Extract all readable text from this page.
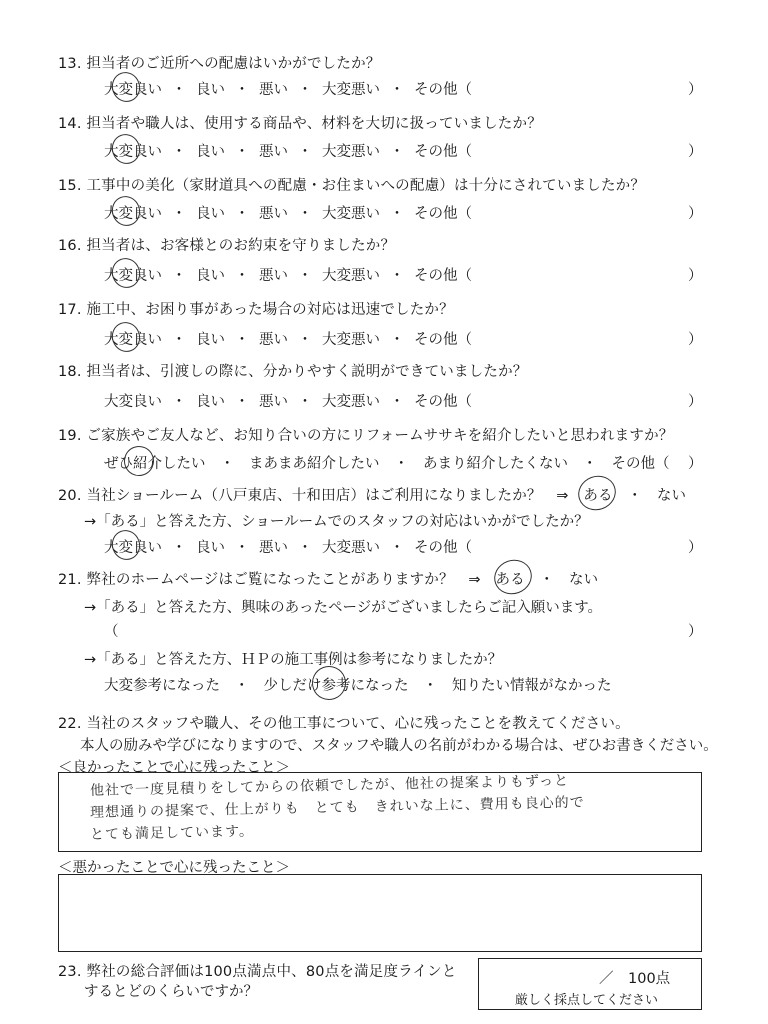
13. 担当者のご近所への配慮はいかがでしたか？
大変良い ・ 良い ・ 悪い ・ 大変悪い ・ その他（	）
14. 担当者や職人は、使用する商品や、材料を大切に扱っていましたか？
大変良い ・ 良い ・ 悪い ・ 大変悪い ・ その他（	）
15. 工事中の美化（家財道具への配慮・お住まいへの配慮）は十分にされていましたか？
大変良い ・ 良い ・ 悪い ・ 大変悪い ・ その他（	）
16. 担当者は、お客様とのお約束を守りましたか？
大変良い ・ 良い ・ 悪い ・ 大変悪い ・ その他（	）
17. 施工中、お困り事があった場合の対応は迅速でしたか？
大変良い ・ 良い ・ 悪い ・ 大変悪い ・ その他（	）
18. 担当者は、引渡しの際に、分かりやすく説明ができていましたか？
大変良い ・ 良い ・ 悪い ・ 大変悪い ・ その他（	）
19. ご家族やご友人など、お知り合いの方にリフォームササキを紹介したいと思われますか？
ぜひ紹介したい　・　まあまあ紹介したい　・　あまり紹介したくない　・　その他（ ）
20. 当社ショールーム（八戸東店、十和田店）はご利用になりましたか？　⇒　ある　・　ない
→「ある」と答えた方、ショールームでのスタッフの対応はいかがでしたか？
大変良い ・ 良い ・ 悪い ・ 大変悪い ・ その他（	）
21. 弊社のホームページはご覧になったことがありますか？　⇒　ある　・　ない
→「ある」と答えた方、興味のあったページがございましたらご記入願います。
（	）
→「ある」と答えた方、ＨＰの施工事例は参考になりましたか？
大変参考になった　・　少しだけ参考になった　・　知りたい情報がなかった
22. 当社のスタッフや職人、その他工事について、心に残ったことを教えてください。
本人の励みや学びになりますので、スタッフや職人の名前がわかる場合は、ぜひお書きください。
＜良かったことで心に残ったこと＞
他社で一度見積りをしてからの依頼でしたが、他社の提案よりもずっと
理想通りの提案で、仕上がりも　とても　きれいな上に、費用も良心的で
とても満足しています。
＜悪かったことで心に残ったこと＞
23. 弊社の総合評価は100点満点中、80点を満足度ラインと
するとどのくらいですか？
／　100点
厳しく採点してください
